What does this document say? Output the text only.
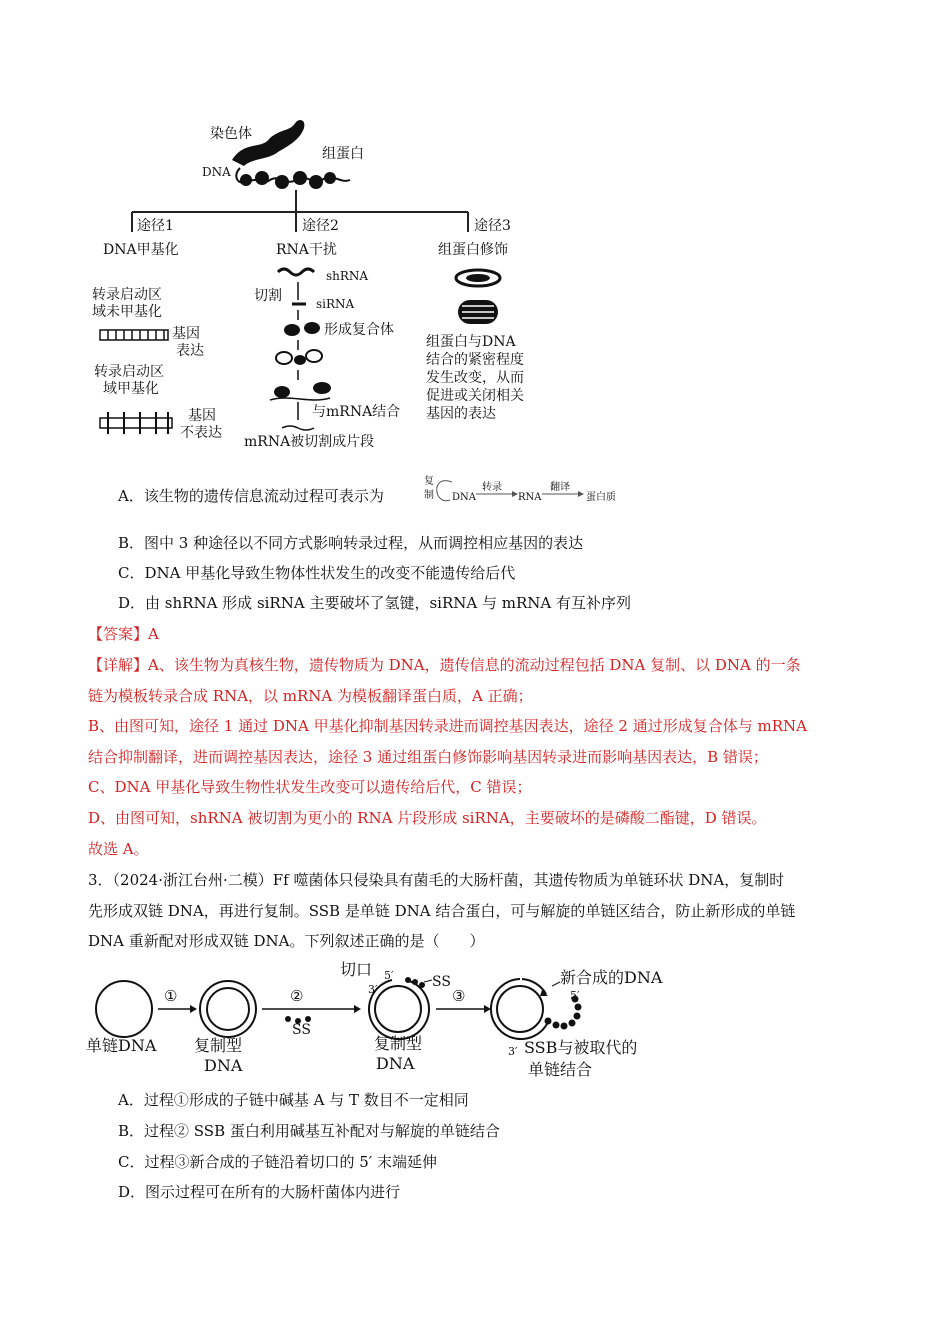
染色体
DNA
组蛋白
途径1
DNA甲基化
转录启动区
域未甲基化
基因
表达
转录启动区
域甲基化
基因
不表达
途径2
RNA干扰
shRNA
切割	siRNA
形成复合体
与mRNA结合
mRNA被切割成片段
途径3
组蛋白修饰
组蛋白与DNA
结合的紧密程度
发生改变，从而
促进或关闭相关
基因的表达
A．该生物的遗传信息流动过程可表示为
复
制 DNA
转录
RNA
翻译
蛋白质
B．图中 3 种途径以不同方式影响转录过程，从而调控相应基因的表达
C．DNA 甲基化导致生物体性状发生的改变不能遗传给后代
D．由 shRNA 形成 siRNA 主要破坏了氢键，siRNA 与 mRNA 有互补序列
【答案】A
【详解】A、该生物为真核生物，遗传物质为 DNA，遗传信息的流动过程包括 DNA 复制、以 DNA 的一条
链为模板转录合成 RNA，以 mRNA 为模板翻译蛋白质，A 正确；
B、由图可知，途径 1 通过 DNA 甲基化抑制基因转录进而调控基因表达，途径 2 通过形成复合体与 mRNA
结合抑制翻译，进而调控基因表达，途径 3 通过组蛋白修饰影响基因转录进而影响基因表达，B 错误；
C、DNA 甲基化导致生物性状发生改变可以遗传给后代，C 错误；
D、由图可知，shRNA 被切割为更小的 RNA 片段形成 siRNA，主要破坏的是磷酸二酯键，D 错误。
故选 A。
3．（2024·浙江台州·二模）Ff 噬菌体只侵染具有菌毛的大肠杆菌，其遗传物质为单链环状 DNA，复制时
先形成双链 DNA，再进行复制。SSB 是单链 DNA 结合蛋白，可与解旋的单链区结合，防止新形成的单链
DNA 重新配对形成双链 DNA。下列叙述正确的是（　　）
单链DNA
①
复制型
DNA
②
SS
切口 5′
3′	SS
复制型
DNA
③
新合成的DNA
5′
3′ SSB与被取代的
单链结合
A．过程①形成的子链中碱基 A 与 T 数目不一定相同
B．过程② SSB 蛋白利用碱基互补配对与解旋的单链结合
C．过程③新合成的子链沿着切口的 5′ 末端延伸
D．图示过程可在所有的大肠杆菌体内进行
